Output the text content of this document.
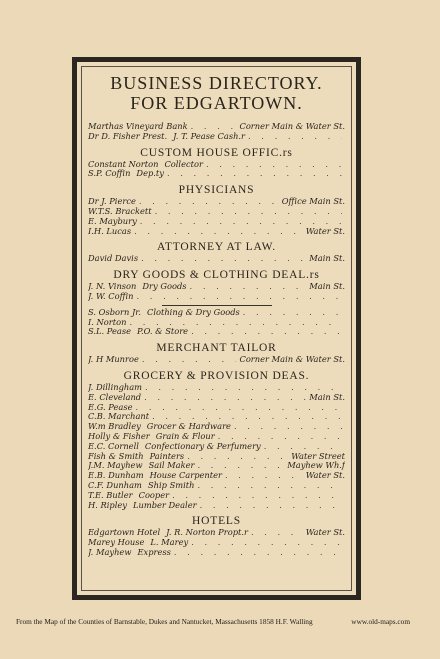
BUSINESS DIRECTORY.
FOR EDGARTOWN.
Marthas Vineyard Bank . . .	Corner Main & Water St.
Dr D. Fisher Prest. J. T. Pease Cash.r
. . .
CUSTOM HOUSE OFFIC.rs
Constant Norton Collector
. . .
S.P. Coffin Dep.ty
. . .
PHYSICIANS
Dr J. Pierce . . .	Office Main St.
W.T.S. Brackett
. . .
E. Maybury
. . .
I.H. Lucas . . .	Water St.
ATTORNEY AT LAW.
David Davis . . .	Main St.
DRY GOODS & CLOTHING DEAL.rs
J. N. Vinson Dry Goods . . .	Main St.
J. W. Coffin
. . .
S. Osborn Jr. Clothing & Dry Goods
. . .
I. Norton
. . .
S.L. Pease P.O. & Store
. . .
MERCHANT TAILOR
J. H Munroe . . .	Corner Main & Water St.
GROCERY & PROVISION DEAS.
J. Dillingham
. . .
E. Cleveland . . .	Main St.
E.G. Pease
. . .
C.B. Marchant
. . .
W.m Bradley Grocer & Hardware
. . .
Holly & Fisher Grain & Flour
. . .
E.C. Cornell Confectionary & Perfumery
. . .
Fish & Smith Painters . . .	Water Street
J.M. Mayhew Sail Maker . . .	Mayhew Wh.f
E.B. Dunham House Carpenter . . .	Water St.
C.F. Dunham Ship Smith
. . .
T.E. Butler Cooper
. . .
H. Ripley Lumber Dealer
. . .
HOTELS
Edgartown Hotel J. R. Norton Propt.r . . .	Water St.
Marey House L. Marey
. . .
J. Mayhew Express
. . .
From the Map of the Counties of Barnstable, Dukes and Nantucket, Massachusetts 1858 H.F. Walling	www.old-maps.com
